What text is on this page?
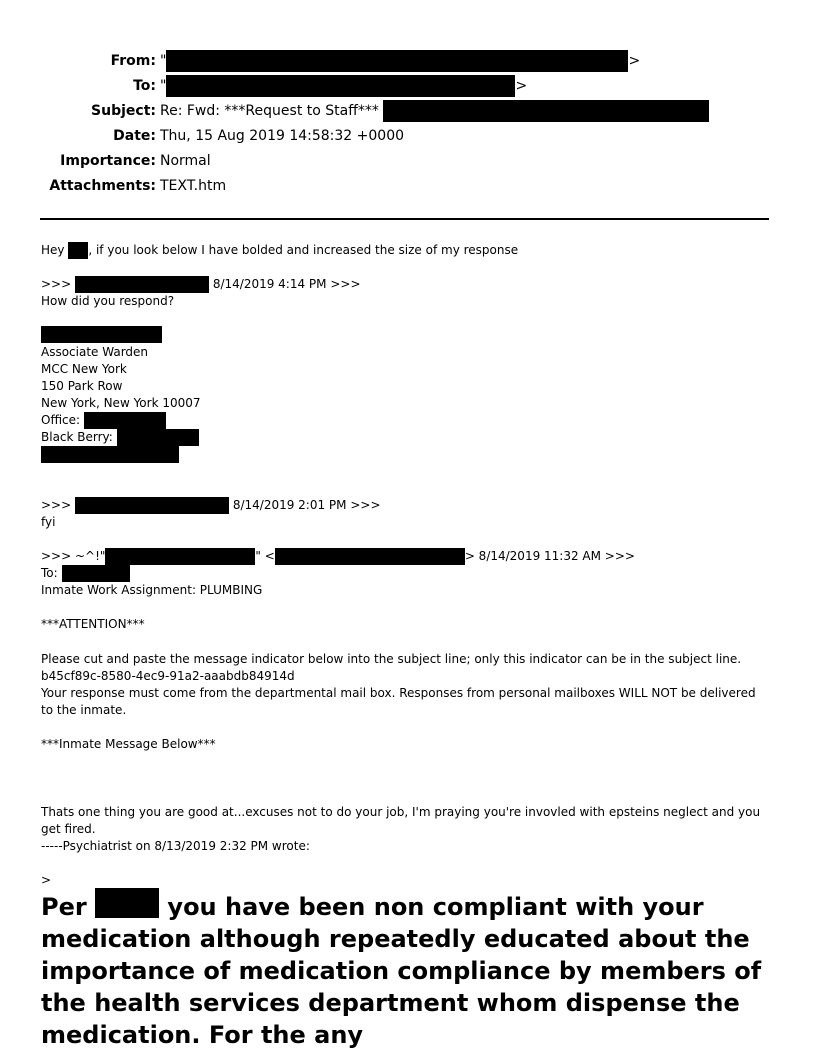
From: "	>
To: "	>
Subject: Re: Fwd: ***Request to Staff***
Date: Thu, 15 Aug 2019 14:58:32 +0000
Importance: Normal
Attachments: TEXT.htm
Hey , if you look below I have bolded and increased the size of my response
>>>	8/14/2019 4:14 PM >>>
How did you respond?
Associate Warden
MCC New York
150 Park Row
New York, New York 10007
Office:
Black Berry:
>>>	8/14/2019 2:01 PM >>>
fyi
>>> ~^!"	" <	> 8/14/2019 11:32 AM >>>
To:
Inmate Work Assignment: PLUMBING
***ATTENTION***
Please cut and paste the message indicator below into the subject line; only this indicator can be in the subject line.
b45cf89c-8580-4ec9-91a2-aaabdb84914d
Your response must come from the departmental mail box. Responses from personal mailboxes WILL NOT be delivered to the inmate.
***Inmate Message Below***
Thats one thing you are good at...excuses not to do your job, I'm praying you're invovled with epsteins neglect and you get fired.
-----Psychiatrist on 8/13/2019 2:32 PM wrote:
>
Per	you have been non compliant with your medication although repeatedly educated about the importance of medication compliance by members of the health services department whom dispense the medication. For the any
